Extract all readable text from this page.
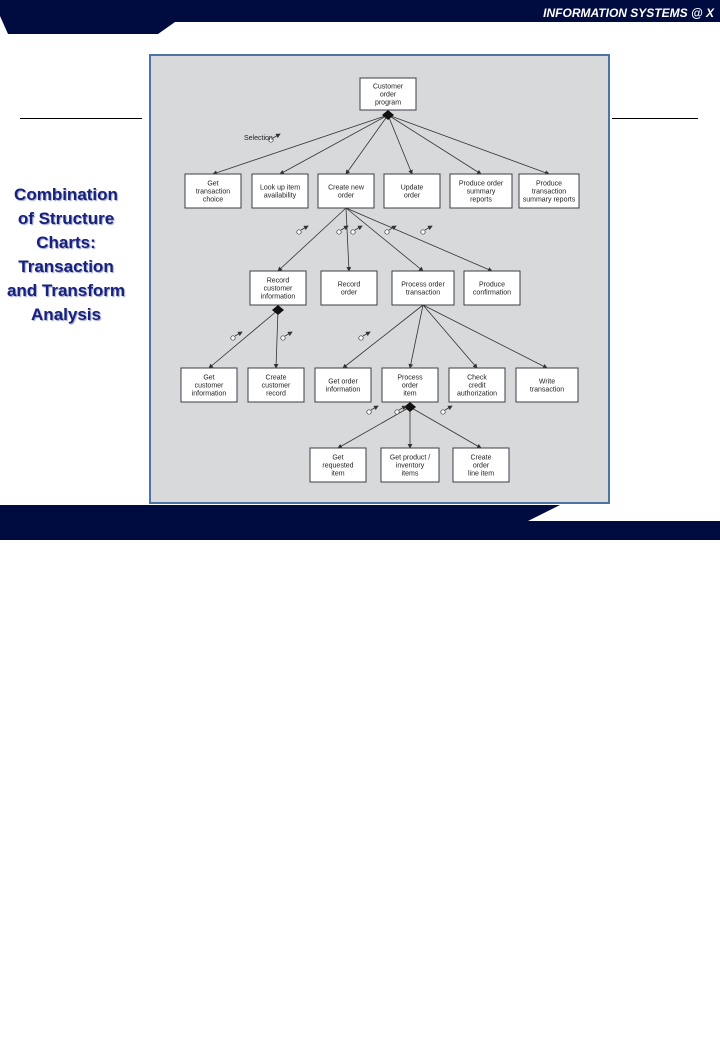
INFORMATION SYSTEMS @ X
Combination of Structure Charts: Transaction and Transform Analysis
Customer
order
program
Get
transaction
choice
Look up item
availability
Create new
order
Update
order
Produce order
summary
reports
Produce
transaction
summary reports
Record
customer
information
Record
order
Process order
transaction
Produce
confirmation
Get
customer
information
Create
customer
record
Get order
information
Process
order
item
Check
credit
authorization
Write
transaction
Get
requested
item
Get product /
inventory
items
Create
order
line item
Selection
INFO425: Systems Design
